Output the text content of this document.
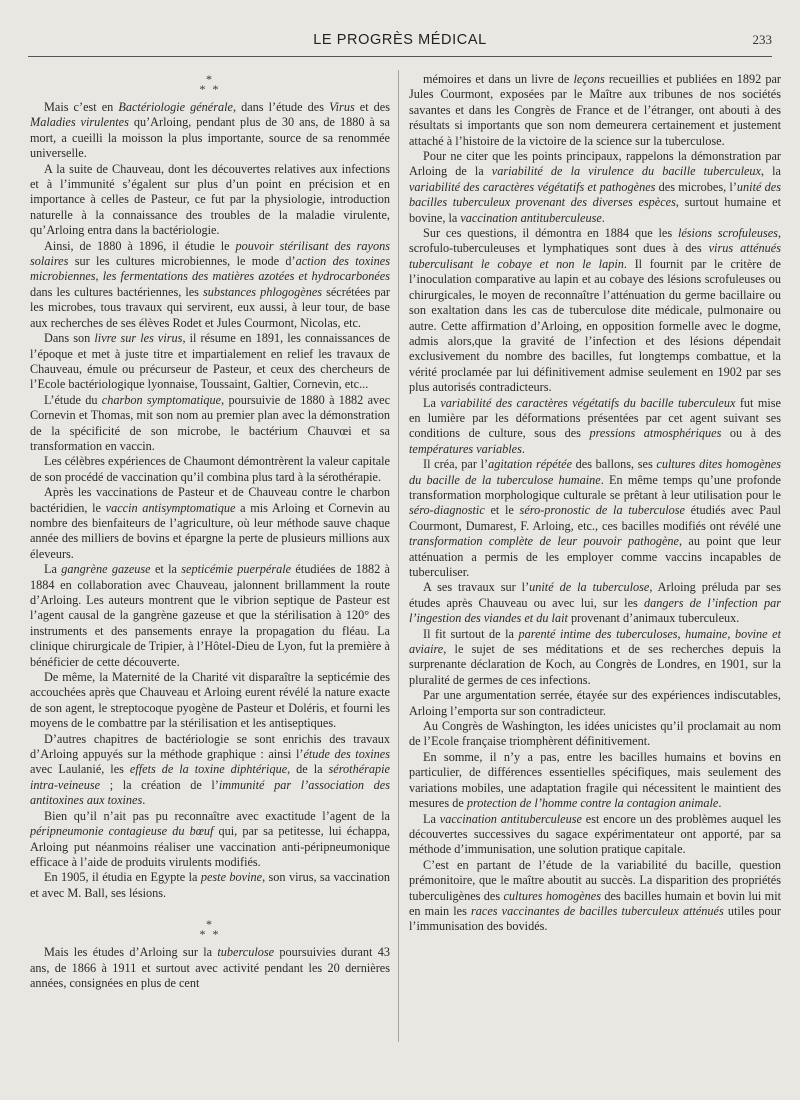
LE PROGRÈS MÉDICAL	233
*
* *

Mais c’est en Bactériologie générale, dans l’étude des Virus et des Maladies virulentes qu’Arloing, pendant plus de 30 ans, de 1880 à sa mort, a cueilli la moisson la plus importante, source de sa renommée universelle.

A la suite de Chauveau, dont les découvertes relatives aux infections et à l’immunité s’égalent sur plus d’un point en précision et en importance à celles de Pasteur, ce fut par la physiologie, introduction naturelle à la connaissance des troubles de la maladie virulente, qu’Arloing entra dans la bactériologie.

Ainsi, de 1880 à 1896, il étudie le pouvoir stérilisant des rayons solaires sur les cultures microbiennes, le mode d’action des toxines microbiennes, les fermentations des matières azotées et hydrocarbonées dans les cultures bactériennes, les substances phlogogènes sécrétées par les microbes, tous travaux qui servirent, eux aussi, à leur tour, de base aux recherches de ses élèves Rodet et Jules Courmont, Nicolas, etc.

Dans son livre sur les virus, il résume en 1891, les connaissances de l’époque et met à juste titre et impartialement en relief les travaux de Chauveau, émule ou précurseur de Pasteur, et ceux des chercheurs de l’Ecole bactériologique lyonnaise, Toussaint, Galtier, Cornevin, etc...

L’étude du charbon symptomatique, poursuivie de 1880 à 1882 avec Cornevin et Thomas, mit son nom au premier plan avec la démonstration de la spécificité de son microbe, le bactérium Chauvœi et sa transformation en vaccin.

Les célèbres expériences de Chaumont démontrèrent la valeur capitale de son procédé de vaccination qu’il combina plus tard à la sérothérapie.

Après les vaccinations de Pasteur et de Chauveau contre le charbon bactéridien, le vaccin antisymptomatique a mis Arloing et Cornevin au nombre des bienfaiteurs de l’agriculture, où leur méthode sauve chaque année des milliers de bovins et épargne la perte de plusieurs millions aux éleveurs.

La gangrène gazeuse et la septicémie puerpérale étudiées de 1882 à 1884 en collaboration avec Chauveau, jalonnent brillamment la route d’Arloing. Les auteurs montrent que le vibrion septique de Pasteur est l’agent causal de la gangrène gazeuse et que la stérilisation à 120° des instruments et des pansements enraye la propagation du fléau. La clinique chirurgicale de Tripier, à l’Hôtel-Dieu de Lyon, fut la première à bénéficier de cette découverte.

De même, la Maternité de la Charité vit disparaître la septicémie des accouchées après que Chauveau et Arloing eurent révélé la nature exacte de son agent, le streptocoque pyogène de Pasteur et Doléris, et fourni les moyens de le combattre par la stérilisation et les antiseptiques.

D’autres chapitres de bactériologie se sont enrichis des travaux d’Arloing appuyés sur la méthode graphique : ainsi l’étude des toxines avec Laulanié, les effets de la toxine diphtérique, de la sérothérapie intra-veineuse ; la création de l’immunité par l’association des antitoxines aux toxines.

Bien qu’il n’ait pas pu reconnaître avec exactitude l’agent de la péripneumonie contagieuse du bœuf qui, par sa petitesse, lui échappa, Arloing put néanmoins réaliser une vaccination anti-péripneumonique efficace à l’aide de produits virulents modifiés.

En 1905, il étudia en Egypte la peste bovine, son virus, sa vaccination et avec M. Ball, ses lésions.

*
* *

Mais les études d’Arloing sur la tuberculose poursuivies durant 43 ans, de 1866 à 1911 et surtout avec activité pendant les 20 dernières années, consignées en plus de cent

mémoires et dans un livre de leçons recueillies et publiées en 1892 par Jules Courmont, exposées par le Maître aux tribunes de nos sociétés savantes et dans les Congrès de France et de l’étranger, ont abouti à des résultats si importants que son nom demeurera certainement et justement attaché à l’histoire de la victoire de la science sur la tuberculose.

Pour ne citer que les points principaux, rappelons la démonstration par Arloing de la variabilité de la virulence du bacille tuberculeux, la variabilité des caractères végétatifs et pathogènes des microbes, l’unité des bacilles tuberculeux provenant des diverses espèces, surtout humaine et bovine, la vaccination antituberculeuse.

Sur ces questions, il démontra en 1884 que les lésions scrofuleuses, scrofulo-tuberculeuses et lymphatiques sont dues à des virus atténués tuberculisant le cobaye et non le lapin. Il fournit par le critère de l’inoculation comparative au lapin et au cobaye des lésions scrofuleuses ou chirurgicales, le moyen de reconnaître l’atténuation du germe bacillaire ou son exaltation dans les cas de tuberculose dite médicale, pulmonaire ou autre. Cette affirmation d’Arloing, en opposition formelle avec le dogme, admis alors,que la gravité de l’infection et des lésions dépendait exclusivement du nombre des bacilles, fut longtemps combattue, et la vérité proclamée par lui définitivement admise seulement en 1902 par ses plus autorisés contradicteurs.

La variabilité des caractères végétatifs du bacille tuberculeux fut mise en lumière par les déformations présentées par cet agent suivant ses conditions de culture, sous des pressions atmosphériques ou à des températures variables.

Il créa, par l’agitation répétée des ballons, ses cultures dites homogènes du bacille de la tuberculose humaine. En même temps qu’une profonde transformation morphologique culturale se prêtant à leur utilisation pour le séro-diagnostic et le séro-pronostic de la tuberculose étudiés avec Paul Courmont, Dumarest, F. Arloing, etc., ces bacilles modifiés ont révélé une transformation complète de leur pouvoir pathogène, au point que leur atténuation a permis de les employer comme vaccins incapables de tuberculiser.

A ses travaux sur l’unité de la tuberculose, Arloing préluda par ses études après Chauveau ou avec lui, sur les dangers de l’infection par l’ingestion des viandes et du lait provenant d’animaux tuberculeux.

Il fit surtout de la parenté intime des tuberculoses, humaine, bovine et aviaire, le sujet de ses méditations et de ses recherches depuis la surprenante déclaration de Koch, au Congrès de Londres, en 1901, sur la pluralité de germes de ces infections.

Par une argumentation serrée, étayée sur des expériences indiscutables, Arloing l’emporta sur son contradicteur.

Au Congrès de Washington, les idées unicistes qu’il proclamait au nom de l’Ecole française triomphèrent définitivement.

En somme, il n’y a pas, entre les bacilles humains et bovins en particulier, de différences essentielles spécifiques, mais seulement des variations mobiles, une adaptation fragile qui nécessitent le maintient des mesures de protection de l’homme contre la contagion animale.

La vaccination antituberculeuse est encore un des problèmes auquel les découvertes successives du sagace expérimentateur ont apporté, par sa méthode d’immunisation, une solution pratique capitale.

C’est en partant de l’étude de la variabilité du bacille, question prémonitoire, que le maître aboutit au succès. La disparition des propriétés tuberculigènes des cultures homogènes des bacilles humain et bovin lui mit en main les races vaccinantes de bacilles tuberculeux atténués utiles pour l’immunisation des bovidés.
